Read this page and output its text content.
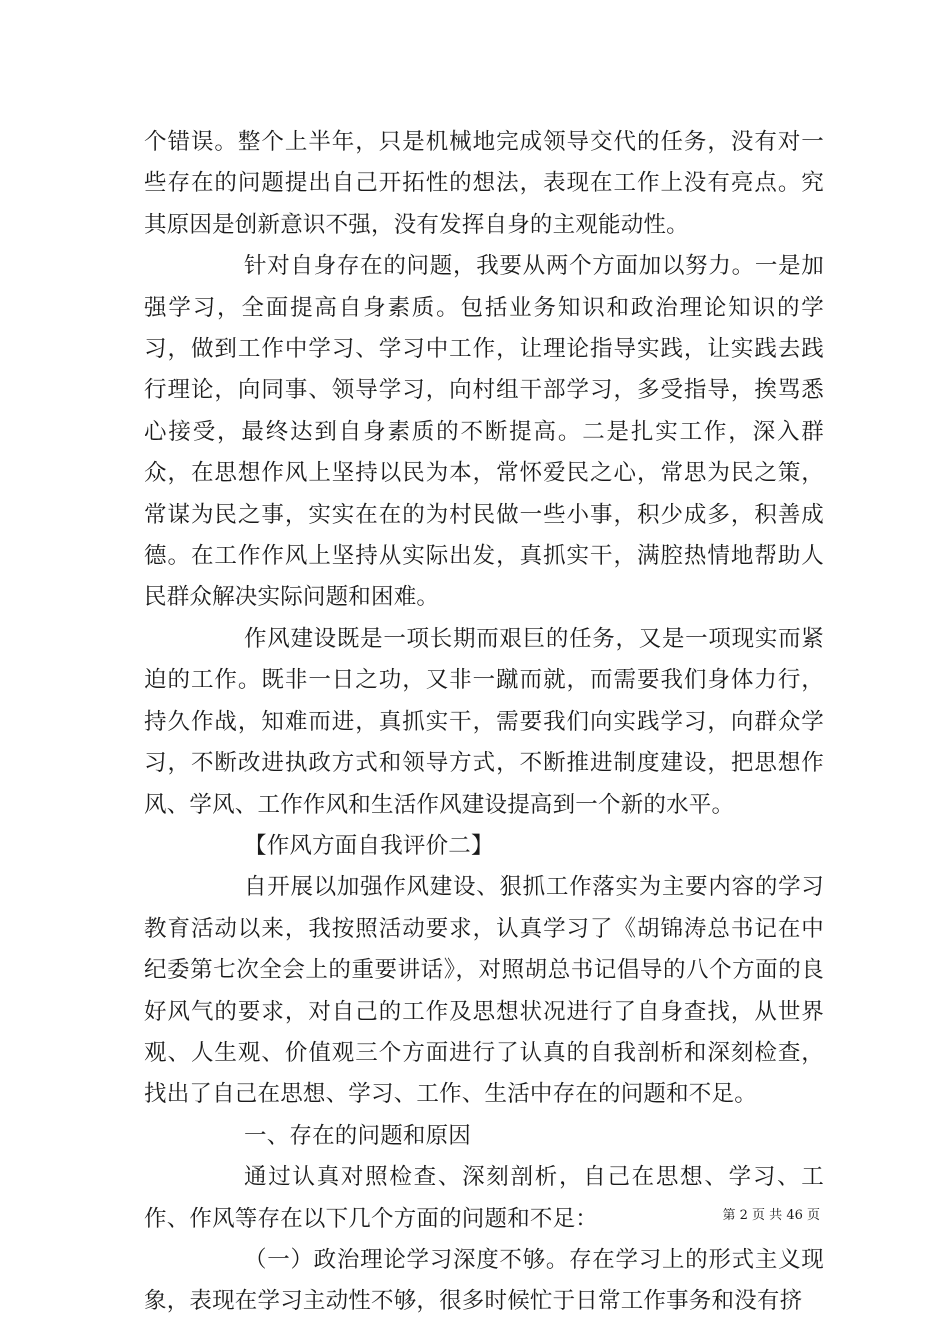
个错误。整个上半年，只是机械地完成领导交代的任务，没有对一些存在的问题提出自己开拓性的想法，表现在工作上没有亮点。究其原因是创新意识不强，没有发挥自身的主观能动性。

针对自身存在的问题，我要从两个方面加以努力。一是加强学习，全面提高自身素质。包括业务知识和政治理论知识的学习，做到工作中学习、学习中工作，让理论指导实践，让实践去践行理论，向同事、领导学习，向村组干部学习，多受指导，挨骂悉心接受，最终达到自身素质的不断提高。二是扎实工作，深入群众，在思想作风上坚持以民为本，常怀爱民之心，常思为民之策，常谋为民之事，实实在在的为村民做一些小事，积少成多，积善成德。在工作作风上坚持从实际出发，真抓实干，满腔热情地帮助人民群众解决实际问题和困难。

作风建设既是一项长期而艰巨的任务，又是一项现实而紧迫的工作。既非一日之功，又非一蹴而就，而需要我们身体力行，持久作战，知难而进，真抓实干，需要我们向实践学习，向群众学习，不断改进执政方式和领导方式，不断推进制度建设，把思想作风、学风、工作作风和生活作风建设提高到一个新的水平。

【作风方面自我评价二】

自开展以加强作风建设、狠抓工作落实为主要内容的学习教育活动以来，我按照活动要求，认真学习了《胡锦涛总书记在中纪委第七次全会上的重要讲话》，对照胡总书记倡导的八个方面的良好风气的要求，对自己的工作及思想状况进行了自身查找，从世界观、人生观、价值观三个方面进行了认真的自我剖析和深刻检查，找出了自己在思想、学习、工作、生活中存在的问题和不足。

一、存在的问题和原因

通过认真对照检查、深刻剖析，自己在思想、学习、工作、作风等存在以下几个方面的问题和不足：

（一）政治理论学习深度不够。存在学习上的形式主义现象，表现在学习主动性不够，很多时候忙于日常工作事务和没有挤

第 2 页 共 46 页
